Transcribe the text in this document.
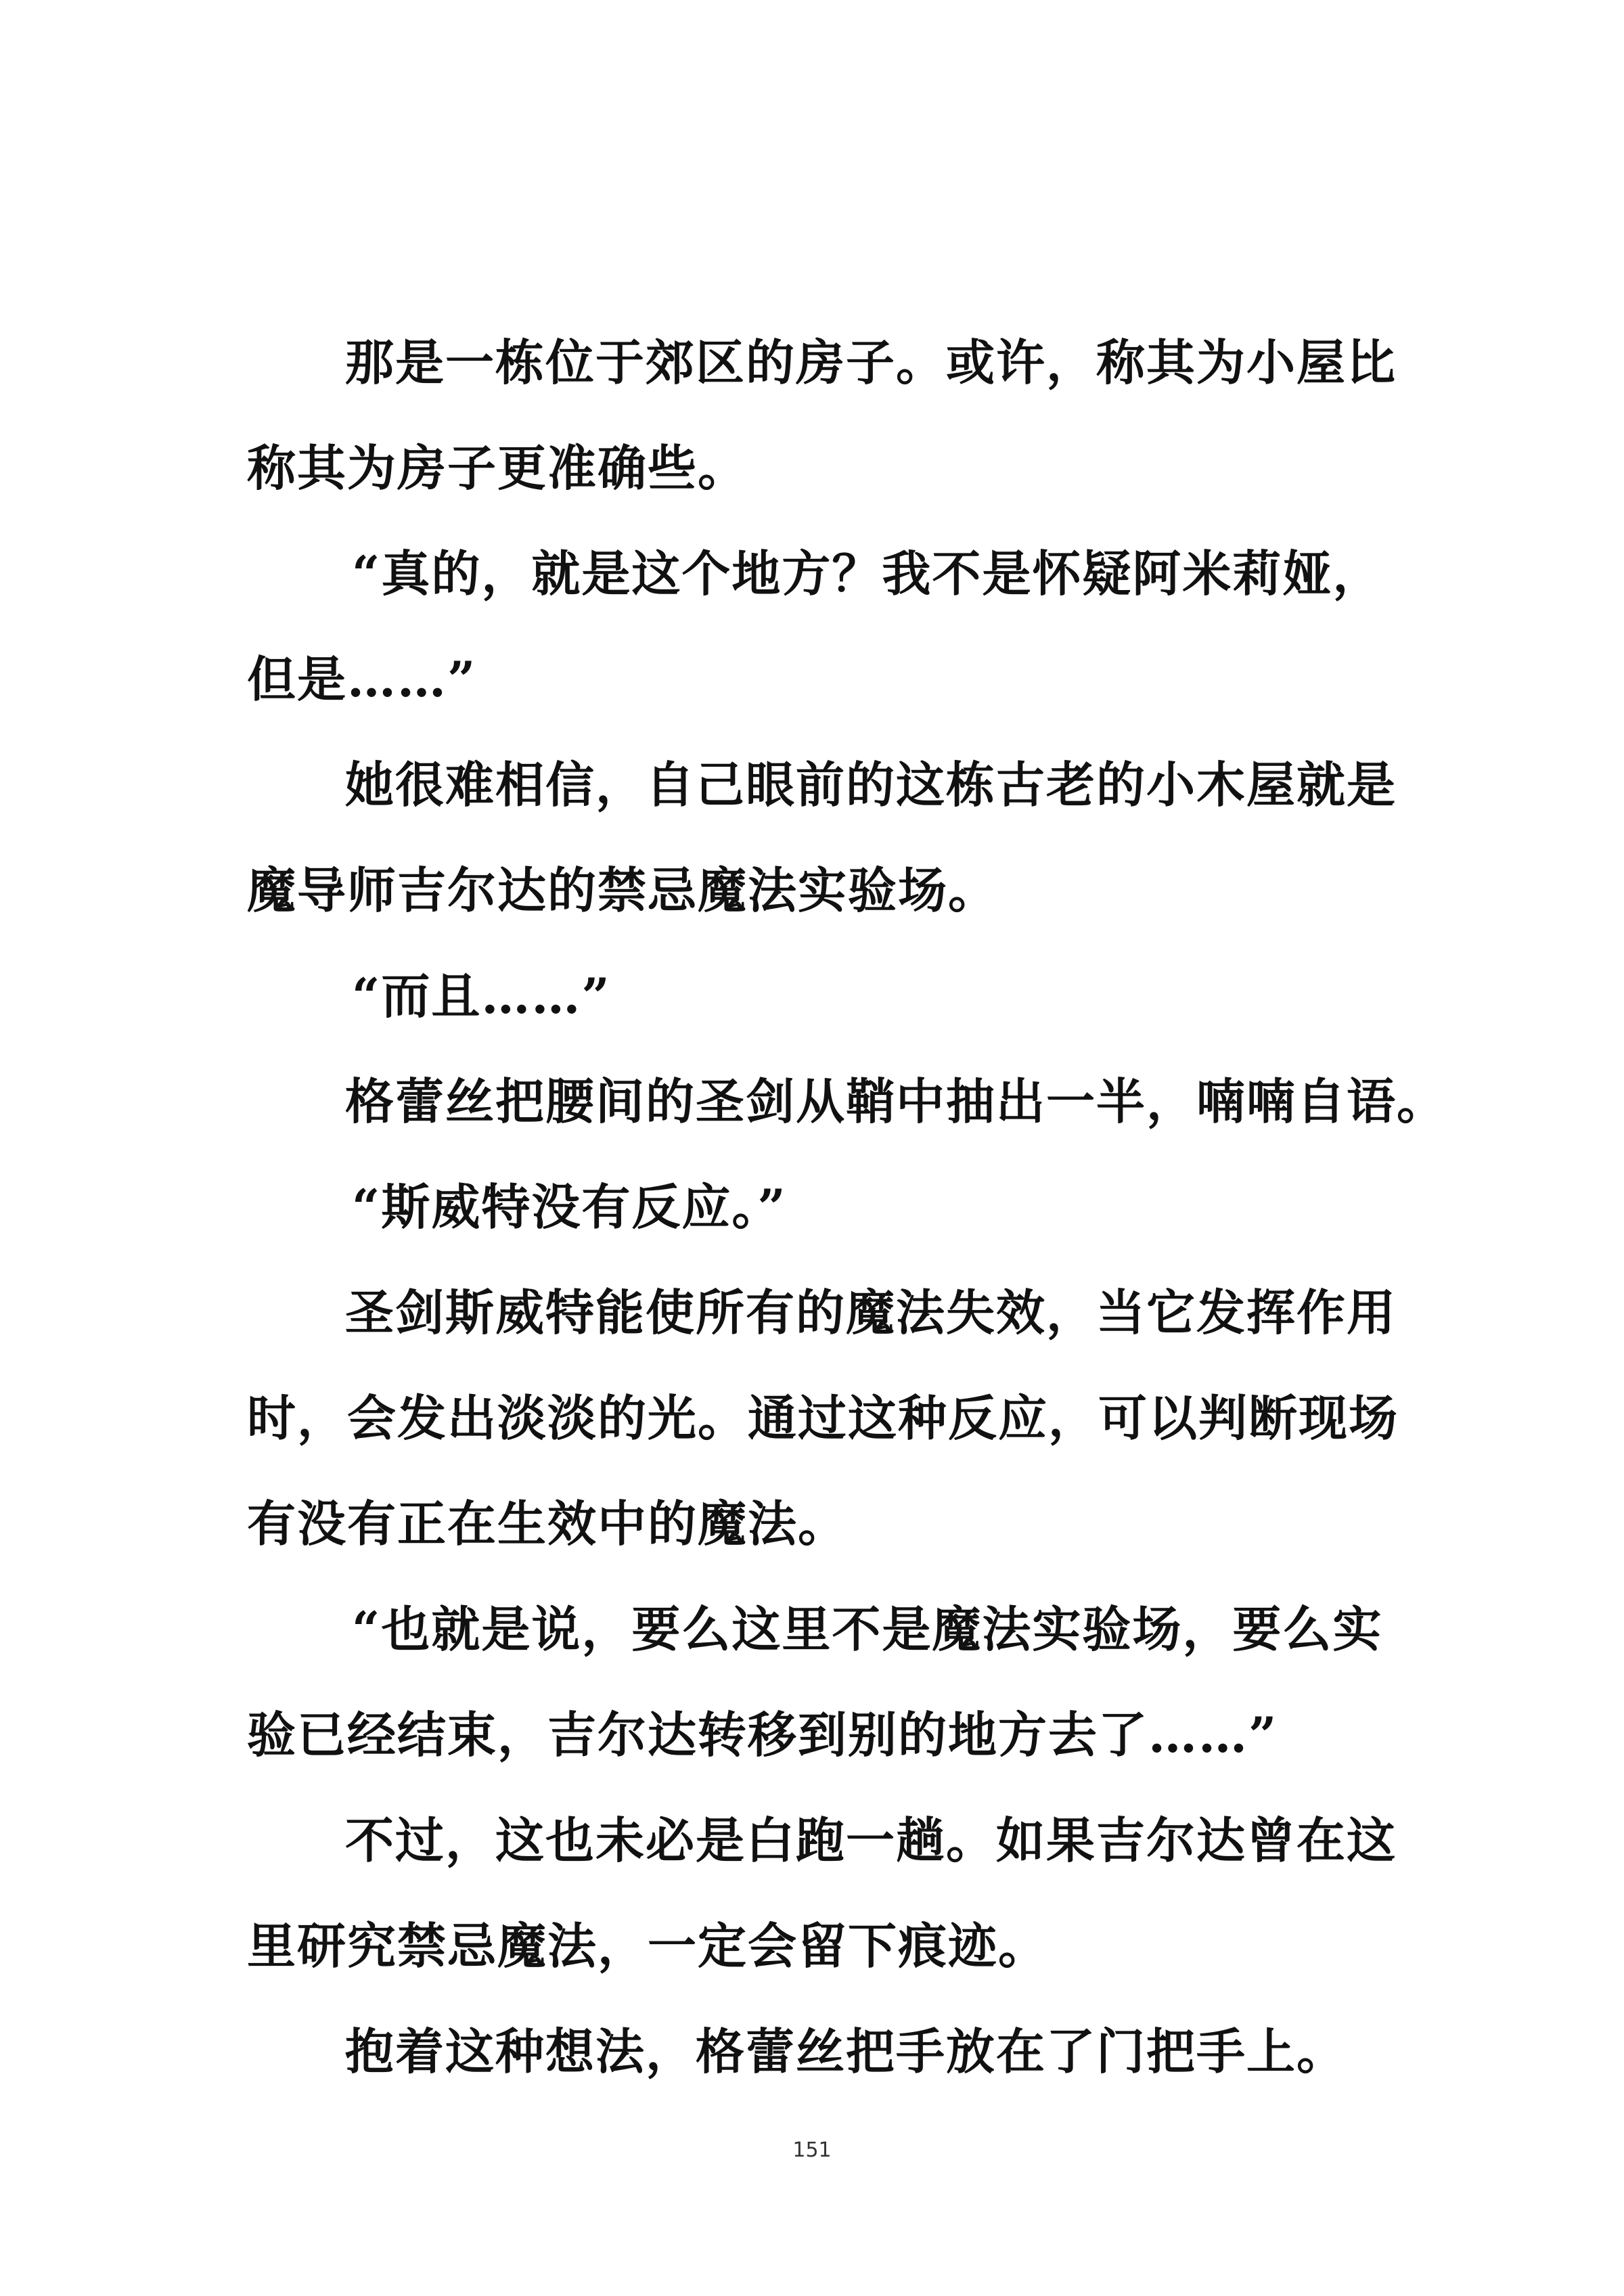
那是一栋位于郊区的房子。或许，称其为小屋比
称其为房子更准确些。
“真的，就是这个地方？我不是怀疑阿米莉娅，
但是……”
她很难相信，自己眼前的这栋古老的小木屋就是
魔导师吉尔达的禁忌魔法实验场。
“而且……”
格蕾丝把腰间的圣剑从鞘中抽出一半，喃喃自语。
“斯威特没有反应。”
圣剑斯威特能使所有的魔法失效，当它发挥作用
时，会发出淡淡的光。通过这种反应，可以判断现场
有没有正在生效中的魔法。
“也就是说，要么这里不是魔法实验场，要么实
验已经结束，吉尔达转移到别的地方去了……”
不过，这也未必是白跑一趟。如果吉尔达曾在这
里研究禁忌魔法，一定会留下痕迹。
抱着这种想法，格蕾丝把手放在了门把手上。
151
